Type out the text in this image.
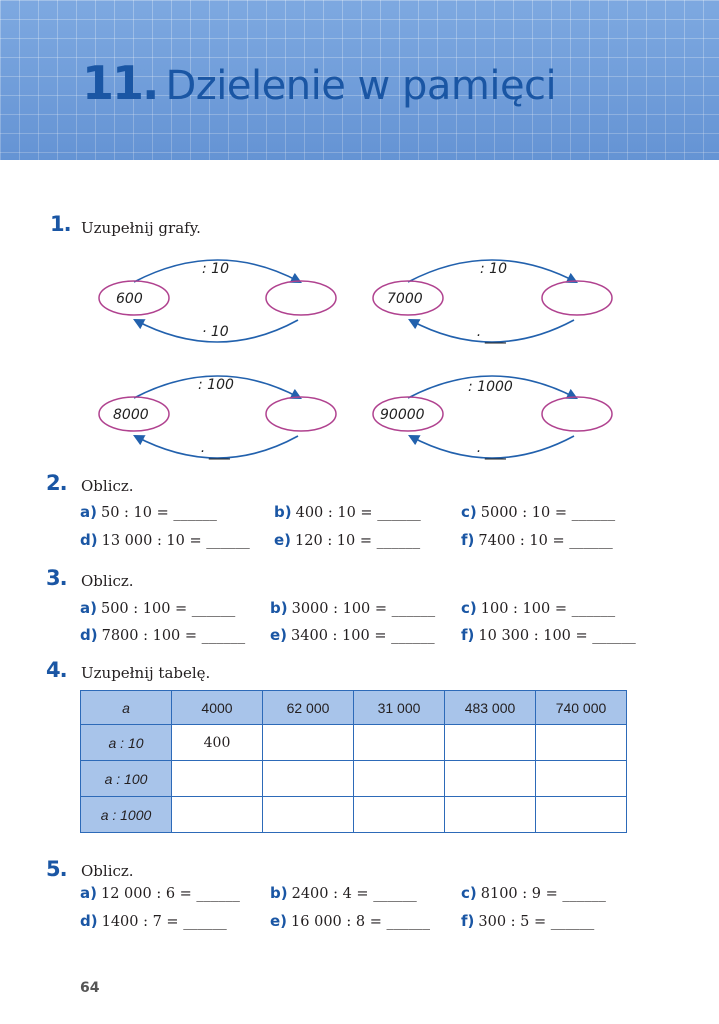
11. Dzielenie w pamięci
1. Uzupełnij grafy.
600
: 10
· 10
7000
: 10
· ___
8000
: 100
· ___
90000
: 1000
· ___
2. Oblicz.
a) 50 : 10 = ______	b) 400 : 10 = ______	c) 5000 : 10 = ______
d) 13 000 : 10 = ______ e) 120 : 10 = ______	f) 7400 : 10 = ______
3. Oblicz.
a) 500 : 100 = ______ b) 3000 : 100 = ______ c) 100 : 100 = ______
d) 7800 : 100 = ______ e) 3400 : 100 = ______ f) 10 300 : 100 = ______
4. Uzupełnij tabelę.
a	4000	62 000	31 000	483 000	740 000
a : 10	400				
a : 100					
a : 1000					
5. Oblicz.
a) 12 000 : 6 = ______ b) 2400 : 4 = ______	c) 8100 : 9 = ______
d) 1400 : 7 = ______	e) 16 000 : 8 = ______ f) 300 : 5 = ______
64
